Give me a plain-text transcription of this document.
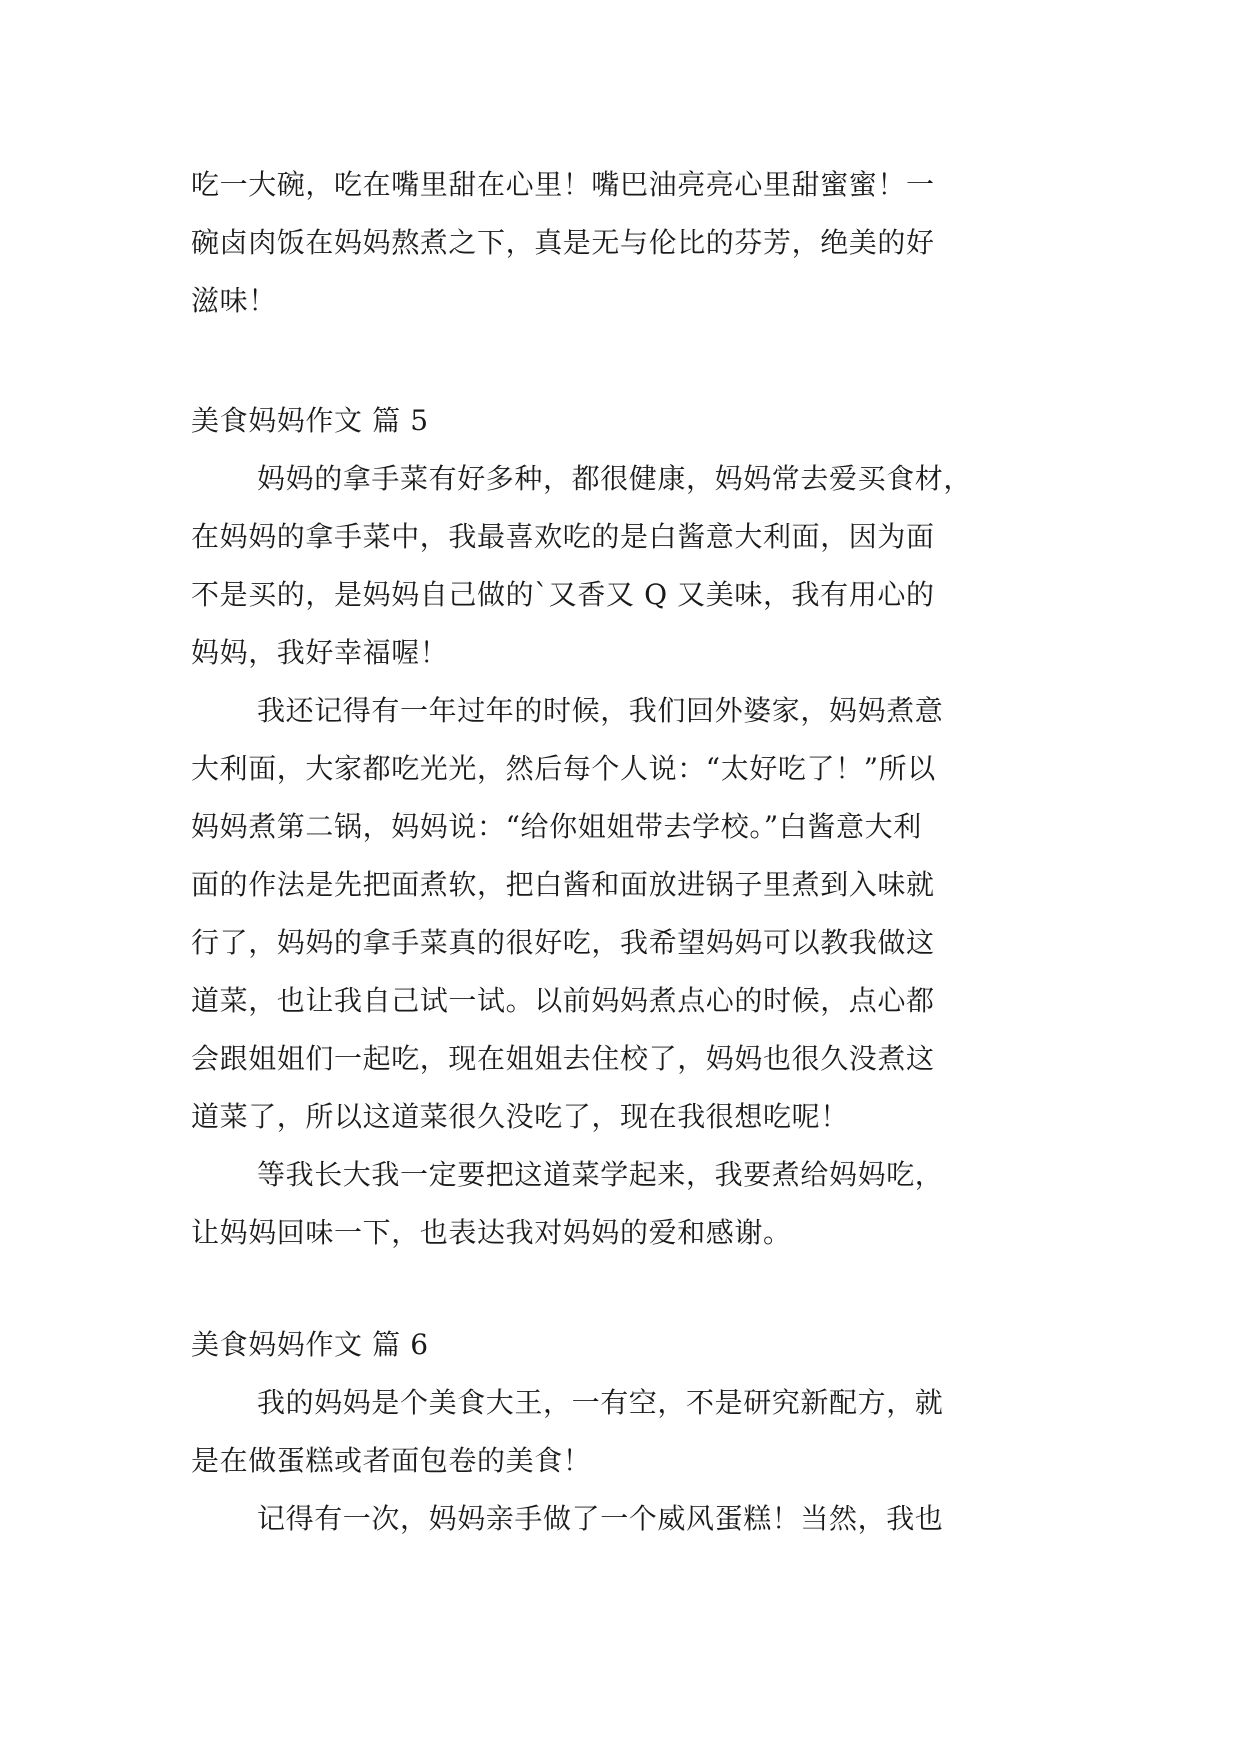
吃一大碗，吃在嘴里甜在心里！嘴巴油亮亮心里甜蜜蜜！一
碗卤肉饭在妈妈熬煮之下，真是无与伦比的芬芳，绝美的好
滋味！
美食妈妈作文 篇 5
妈妈的拿手菜有好多种，都很健康，妈妈常去爱买食材，
在妈妈的拿手菜中，我最喜欢吃的是白酱意大利面，因为面
不是买的，是妈妈自己做的`又香又 Q 又美味，我有用心的
妈妈，我好幸福喔！
我还记得有一年过年的时候，我们回外婆家，妈妈煮意
大利面，大家都吃光光，然后每个人说：“太好吃了！”所以
妈妈煮第二锅，妈妈说：“给你姐姐带去学校。”白酱意大利
面的作法是先把面煮软，把白酱和面放进锅子里煮到入味就
行了，妈妈的拿手菜真的很好吃，我希望妈妈可以教我做这
道菜，也让我自己试一试。以前妈妈煮点心的时候，点心都
会跟姐姐们一起吃，现在姐姐去住校了，妈妈也很久没煮这
道菜了，所以这道菜很久没吃了，现在我很想吃呢！
等我长大我一定要把这道菜学起来，我要煮给妈妈吃，
让妈妈回味一下，也表达我对妈妈的爱和感谢。
美食妈妈作文 篇 6
我的妈妈是个美食大王，一有空，不是研究新配方，就
是在做蛋糕或者面包卷的美食！
记得有一次，妈妈亲手做了一个威风蛋糕！当然，我也
